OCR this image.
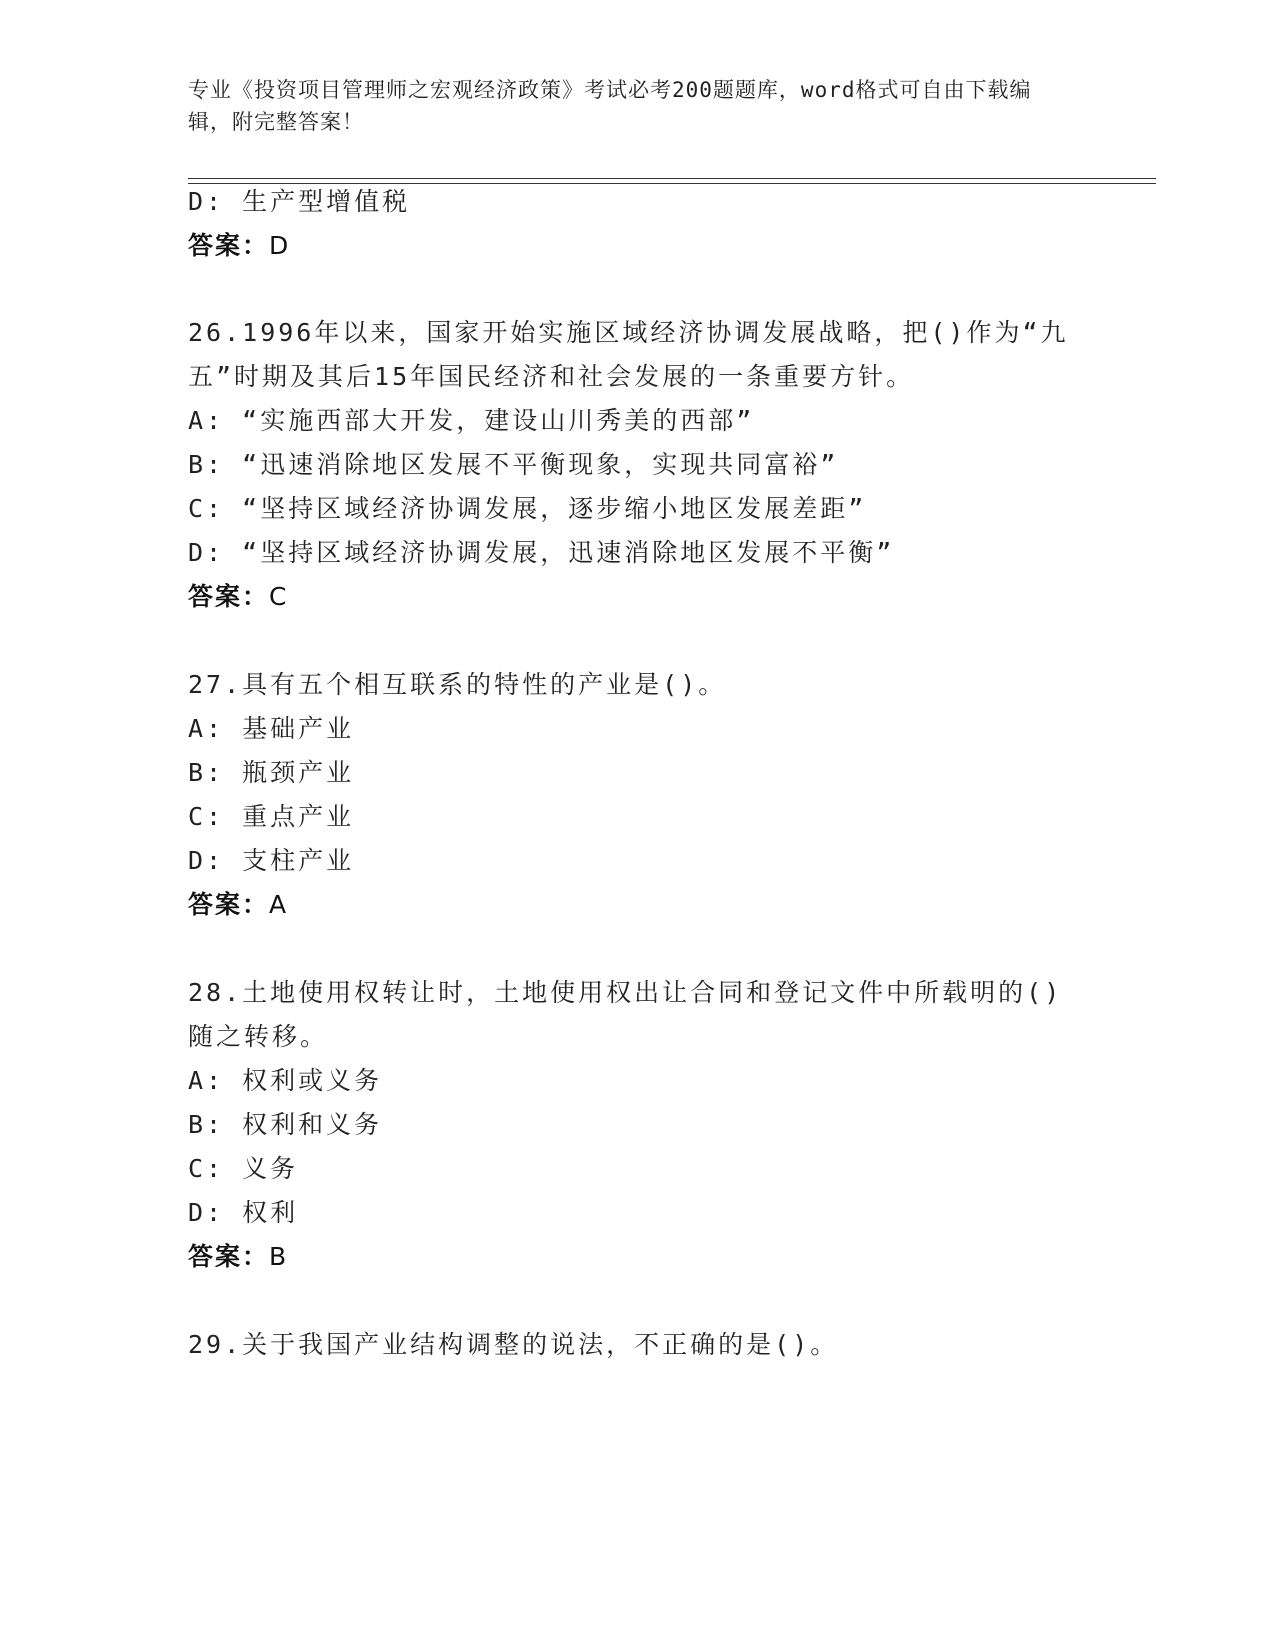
专业《投资项目管理师之宏观经济政策》考试必考200题题库，word格式可自由下载编辑，附完整答案！
D: 生产型增值税
答案：D
26.1996年以来，国家开始实施区域经济协调发展战略，把()作为“九
五”时期及其后15年国民经济和社会发展的一条重要方针。
A: “实施西部大开发，建设山川秀美的西部”
B: “迅速消除地区发展不平衡现象，实现共同富裕”
C: “坚持区域经济协调发展，逐步缩小地区发展差距”
D: “坚持区域经济协调发展，迅速消除地区发展不平衡”
答案：C
27.具有五个相互联系的特性的产业是()。
A: 基础产业
B: 瓶颈产业
C: 重点产业
D: 支柱产业
答案：A
28.土地使用权转让时，土地使用权出让合同和登记文件中所载明的()
随之转移。
A: 权利或义务
B: 权利和义务
C: 义务
D: 权利
答案：B
29.关于我国产业结构调整的说法，不正确的是()。
